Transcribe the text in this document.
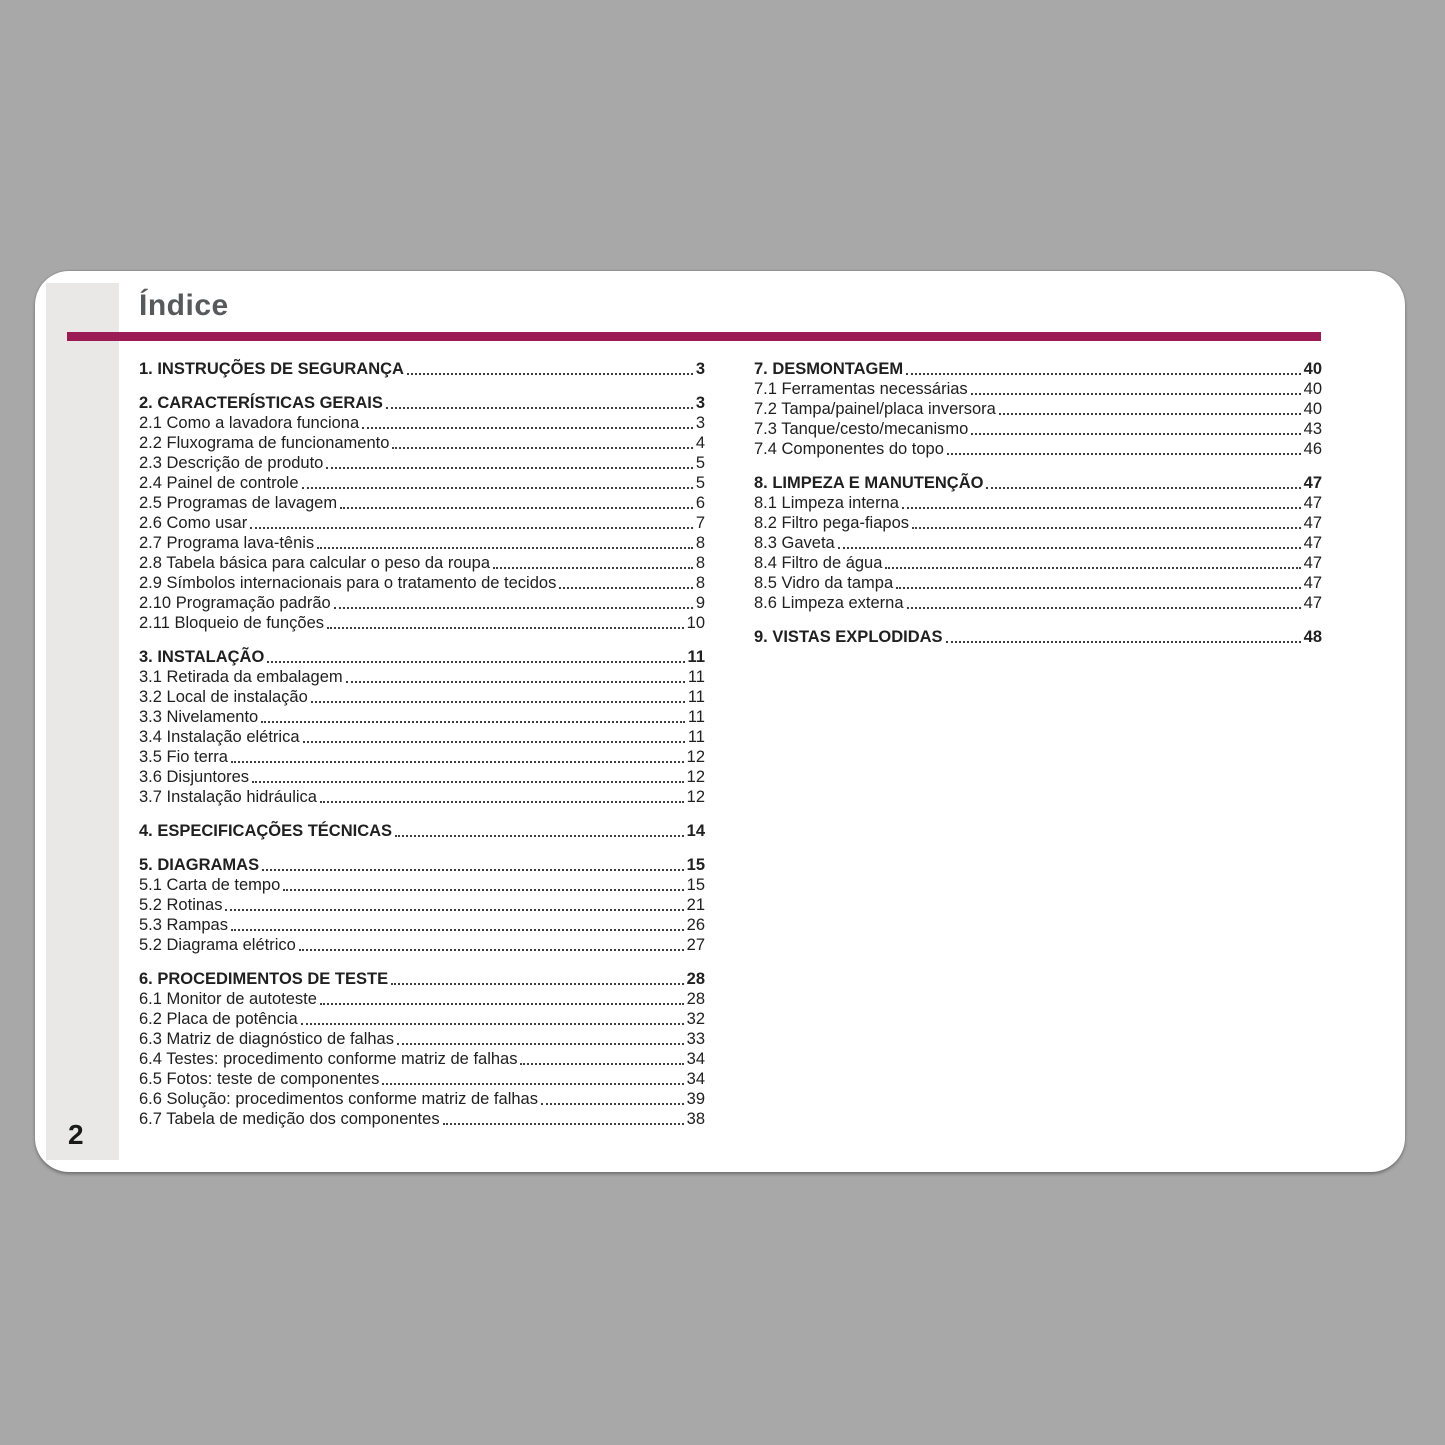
Índice
1. INSTRUÇÕES DE SEGURANÇA	3
2. CARACTERÍSTICAS GERAIS	3
2.1 Como a lavadora funciona	3
2.2 Fluxograma de funcionamento	4
2.3 Descrição de produto	5
2.4 Painel de controle	5
2.5 Programas de lavagem	6
2.6 Como usar	7
2.7 Programa lava-tênis	8
2.8 Tabela básica para calcular o peso da roupa	8
2.9 Símbolos internacionais para o tratamento de tecidos	8
2.10 Programação padrão	9
2.11 Bloqueio de funções	10
3. INSTALAÇÃO	11
3.1 Retirada da embalagem	11
3.2 Local de instalação	11
3.3 Nivelamento	11
3.4 Instalação elétrica	11
3.5 Fio terra	12
3.6 Disjuntores	12
3.7 Instalação hidráulica	12
4. ESPECIFICAÇÕES TÉCNICAS	14
5. DIAGRAMAS	15
5.1 Carta de tempo	15
5.2 Rotinas	21
5.3 Rampas	26
5.2 Diagrama elétrico	27
6. PROCEDIMENTOS DE TESTE	28
6.1 Monitor de autoteste	28
6.2 Placa de potência	32
6.3 Matriz de diagnóstico de falhas	33
6.4 Testes: procedimento conforme matriz de falhas	34
6.5 Fotos: teste de componentes	34
6.6 Solução: procedimentos conforme matriz de falhas	39
6.7 Tabela de medição dos componentes	38
7. DESMONTAGEM	40
7.1 Ferramentas necessárias	40
7.2 Tampa/painel/placa inversora	40
7.3 Tanque/cesto/mecanismo	43
7.4 Componentes do topo	46
8. LIMPEZA E MANUTENÇÃO	47
8.1 Limpeza interna	47
8.2 Filtro pega-fiapos	47
8.3 Gaveta	47
8.4 Filtro de água	47
8.5 Vidro da tampa	47
8.6 Limpeza externa	47
9. VISTAS EXPLODIDAS	48
2
